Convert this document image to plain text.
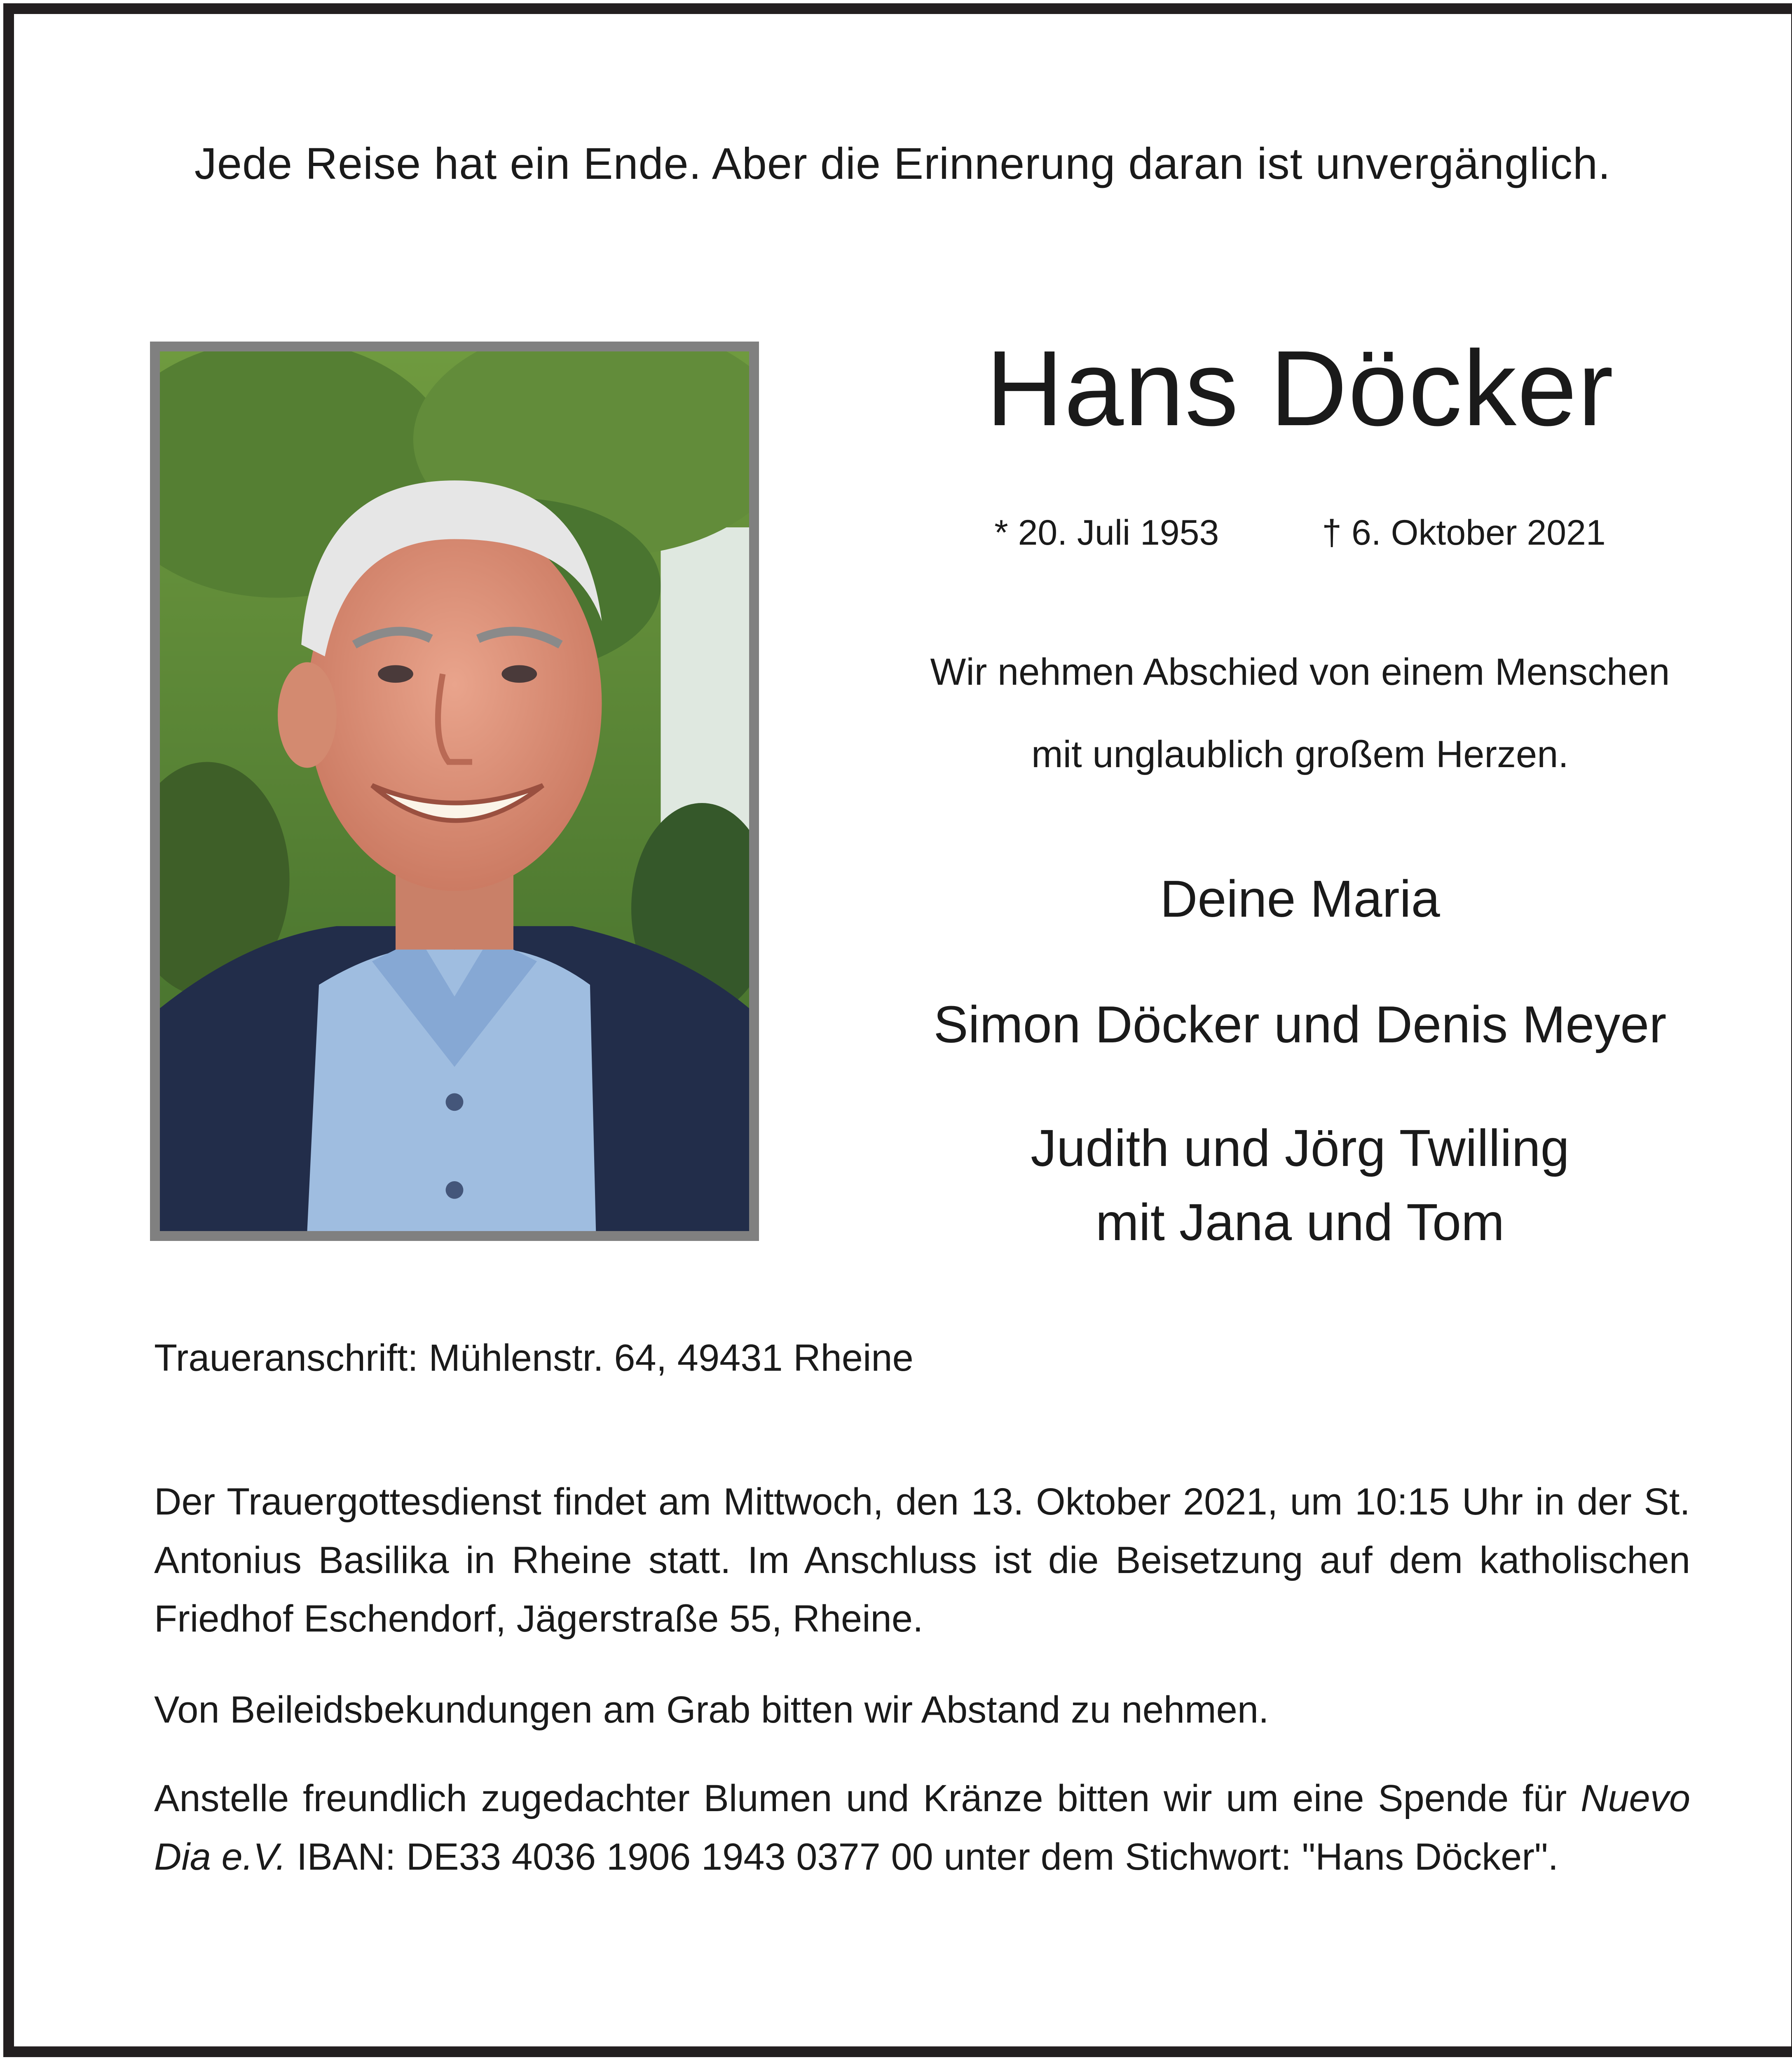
Jede Reise hat ein Ende. Aber die Erinnerung daran ist unvergänglich.
Hans Döcker
* 20. Juli 1953	† 6. Oktober 2021
Wir nehmen Abschied von einem Menschen
mit unglaublich großem Herzen.
Deine Maria
Simon Döcker und Denis Meyer
Judith und Jörg Twilling
mit Jana und Tom
Traueranschrift: Mühlenstr. 64, 49431 Rheine
Der Trauergottesdienst findet am Mittwoch, den 13. Oktober 2021, um 10:15 Uhr in der St. Antonius Basilika in Rheine statt. Im Anschluss ist die Beisetzung auf dem katholischen Friedhof Eschendorf, Jägerstraße 55, Rheine.
Von Beileidsbekundungen am Grab bitten wir Abstand zu nehmen.
Anstelle freundlich zugedachter Blumen und Kränze bitten wir um eine Spende für Nuevo Dia e.V. IBAN: DE33 4036 1906 1943 0377 00 unter dem Stichwort: "Hans Döcker".
